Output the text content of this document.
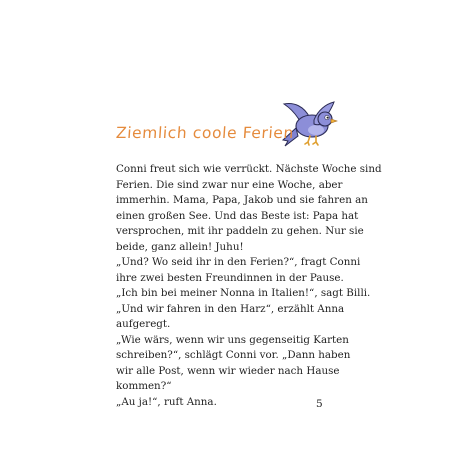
Ziemlich coole Ferien
Conni freut sich wie verrückt. Nächste Woche sind
Ferien. Die sind zwar nur eine Woche, aber
immerhin. Mama, Papa, Jakob und sie fahren an
einen großen See. Und das Beste ist: Papa hat
versprochen, mit ihr paddeln zu gehen. Nur sie
beide, ganz allein! Juhu!
„Und? Wo seid ihr in den Ferien?“, fragt Conni
ihre zwei besten Freundinnen in der Pause.
„Ich bin bei meiner Nonna in Italien!“, sagt Billi.
„Und wir fahren in den Harz“, erzählt Anna
aufgeregt.
„Wie wärs, wenn wir uns gegenseitig Karten
schreiben?“, schlägt Conni vor. „Dann haben
wir alle Post, wenn wir wieder nach Hause
kommen?“
„Au ja!“, ruft Anna.	5
